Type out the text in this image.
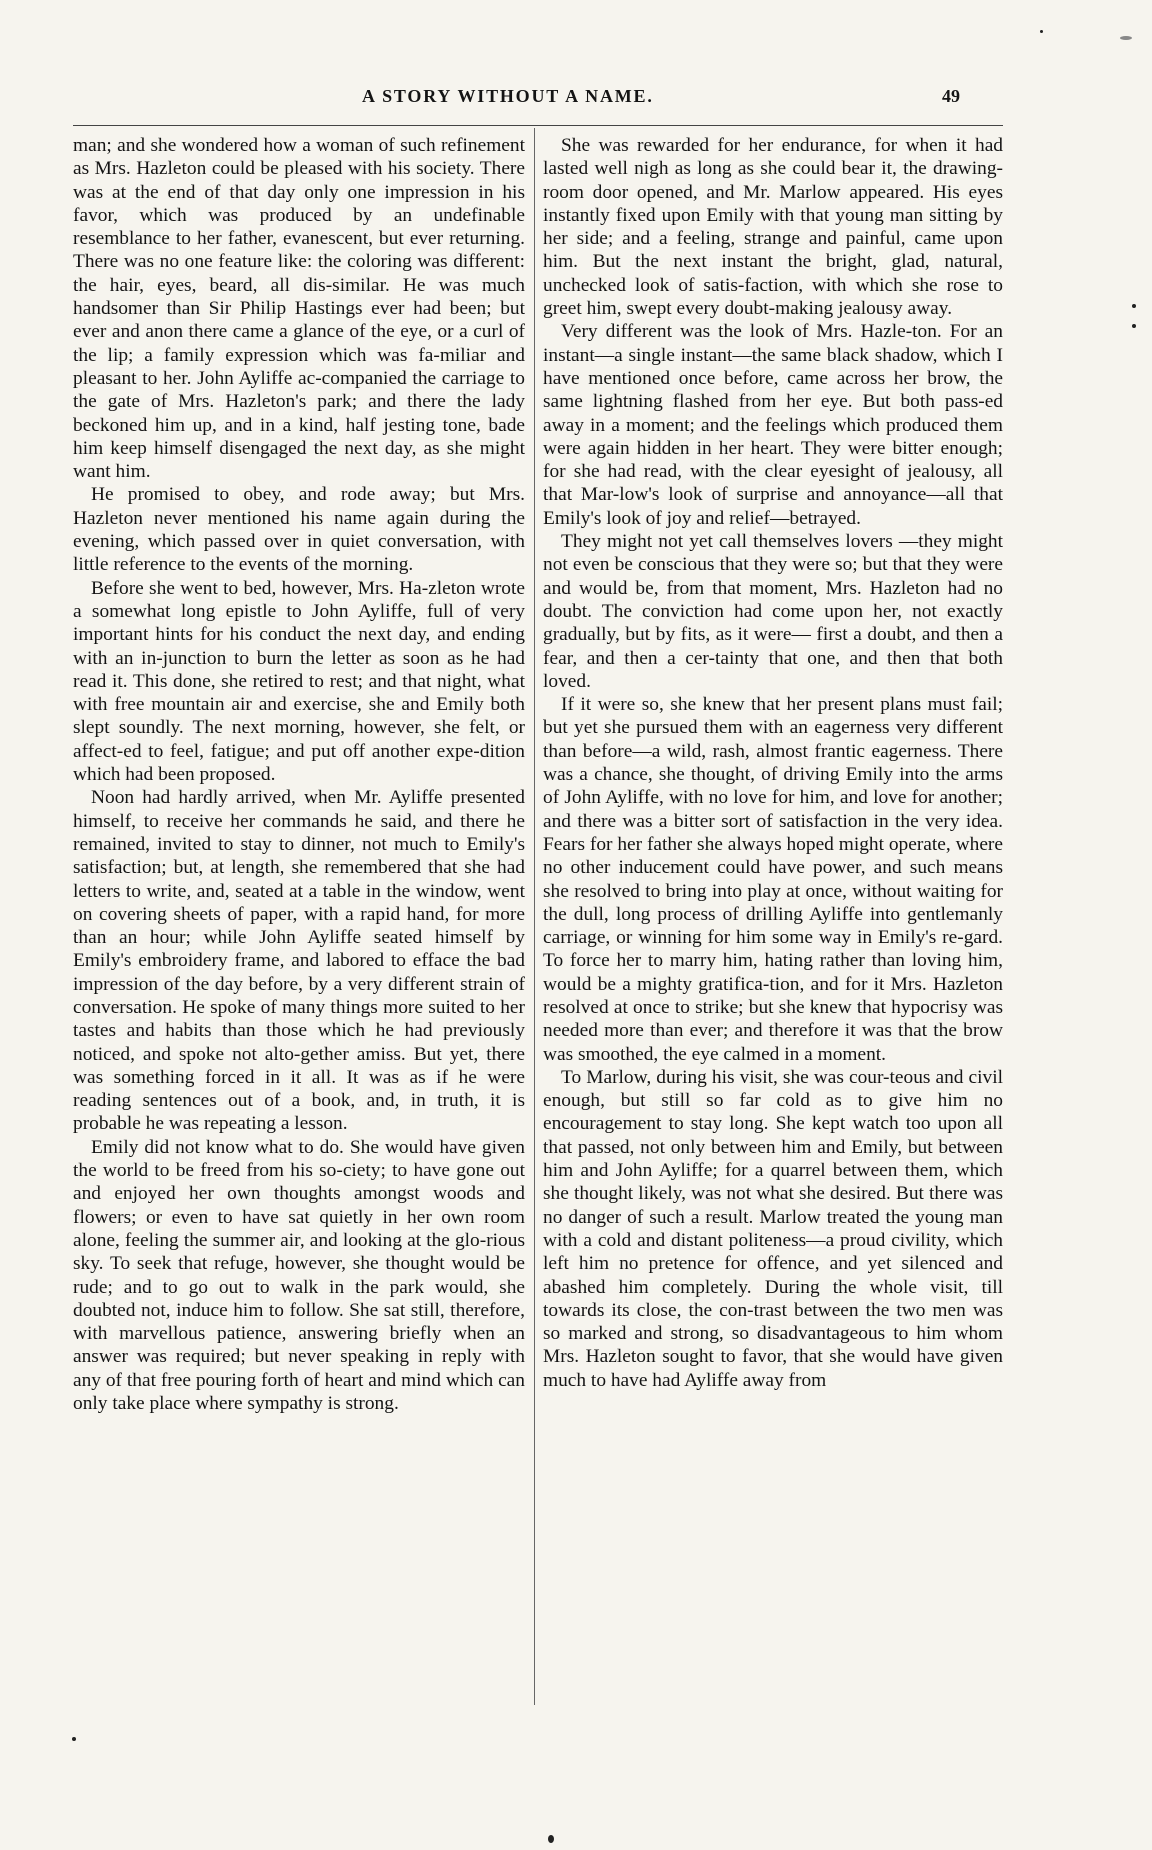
A STORY WITHOUT A NAME.	49

man; and she wondered how a woman of such refinement as Mrs. Hazleton could be pleased with his society. There was at the end of that day only one impression in his favor, which was produced by an undefinable resemblance to her father, evanescent, but ever returning. There was no one feature like: the coloring was different: the hair, eyes, beard, all dis-similar. He was much handsomer than Sir Philip Hastings ever had been; but ever and anon there came a glance of the eye, or a curl of the lip; a family expression which was fa-miliar and pleasant to her. John Ayliffe ac-companied the carriage to the gate of Mrs. Hazleton's park; and there the lady beckoned him up, and in a kind, half jesting tone, bade him keep himself disengaged the next day, as she might want him.

He promised to obey, and rode away; but Mrs. Hazleton never mentioned his name again during the evening, which passed over in quiet conversation, with little reference to the events of the morning.

Before she went to bed, however, Mrs. Ha-zleton wrote a somewhat long epistle to John Ayliffe, full of very important hints for his conduct the next day, and ending with an in-junction to burn the letter as soon as he had read it. This done, she retired to rest; and that night, what with free mountain air and exercise, she and Emily both slept soundly. The next morning, however, she felt, or affect-ed to feel, fatigue; and put off another expe-dition which had been proposed.

Noon had hardly arrived, when Mr. Ayliffe presented himself, to receive her commands he said, and there he remained, invited to stay to dinner, not much to Emily's satisfaction; but, at length, she remembered that she had letters to write, and, seated at a table in the window, went on covering sheets of paper, with a rapid hand, for more than an hour; while John Ayliffe seated himself by Emily's embroidery frame, and labored to efface the bad impression of the day before, by a very different strain of conversation. He spoke of many things more suited to her tastes and habits than those which he had previously noticed, and spoke not alto-gether amiss. But yet, there was something forced in it all. It was as if he were reading sentences out of a book, and, in truth, it is probable he was repeating a lesson.

Emily did not know what to do. She would have given the world to be freed from his so-ciety; to have gone out and enjoyed her own thoughts amongst woods and flowers; or even to have sat quietly in her own room alone, feeling the summer air, and looking at the glo-rious sky. To seek that refuge, however, she thought would be rude; and to go out to walk in the park would, she doubted not, induce him to follow. She sat still, therefore, with marvellous patience, answering briefly when an answer was required; but never speaking in reply with any of that free pouring forth of heart and mind which can only take place where sympathy is strong.

She was rewarded for her endurance, for when it had lasted well nigh as long as she could bear it, the drawing-room door opened, and Mr. Marlow appeared. His eyes instantly fixed upon Emily with that young man sitting by her side; and a feeling, strange and painful, came upon him. But the next instant the bright, glad, natural, unchecked look of satis-faction, with which she rose to greet him, swept every doubt-making jealousy away.

Very different was the look of Mrs. Hazle-ton. For an instant—a single instant—the same black shadow, which I have mentioned once before, came across her brow, the same lightning flashed from her eye. But both pass-ed away in a moment; and the feelings which produced them were again hidden in her heart. They were bitter enough; for she had read, with the clear eyesight of jealousy, all that Mar-low's look of surprise and annoyance—all that Emily's look of joy and relief—betrayed.

They might not yet call themselves lovers —they might not even be conscious that they were so; but that they were and would be, from that moment, Mrs. Hazleton had no doubt. The conviction had come upon her, not exactly gradually, but by fits, as it were— first a doubt, and then a fear, and then a cer-tainty that one, and then that both loved.

If it were so, she knew that her present plans must fail; but yet she pursued them with an eagerness very different than before—a wild, rash, almost frantic eagerness. There was a chance, she thought, of driving Emily into the arms of John Ayliffe, with no love for him, and love for another; and there was a bitter sort of satisfaction in the very idea. Fears for her father she always hoped might operate, where no other inducement could have power, and such means she resolved to bring into play at once, without waiting for the dull, long process of drilling Ayliffe into gentlemanly carriage, or winning for him some way in Emily's re-gard. To force her to marry him, hating rather than loving him, would be a mighty gratifica-tion, and for it Mrs. Hazleton resolved at once to strike; but she knew that hypocrisy was needed more than ever; and therefore it was that the brow was smoothed, the eye calmed in a moment.

To Marlow, during his visit, she was cour-teous and civil enough, but still so far cold as to give him no encouragement to stay long. She kept watch too upon all that passed, not only between him and Emily, but between him and John Ayliffe; for a quarrel between them, which she thought likely, was not what she desired. But there was no danger of such a result. Marlow treated the young man with a cold and distant politeness—a proud civility, which left him no pretence for offence, and yet silenced and abashed him completely. During the whole visit, till towards its close, the con-trast between the two men was so marked and strong, so disadvantageous to him whom Mrs. Hazleton sought to favor, that she would have given much to have had Ayliffe away from
